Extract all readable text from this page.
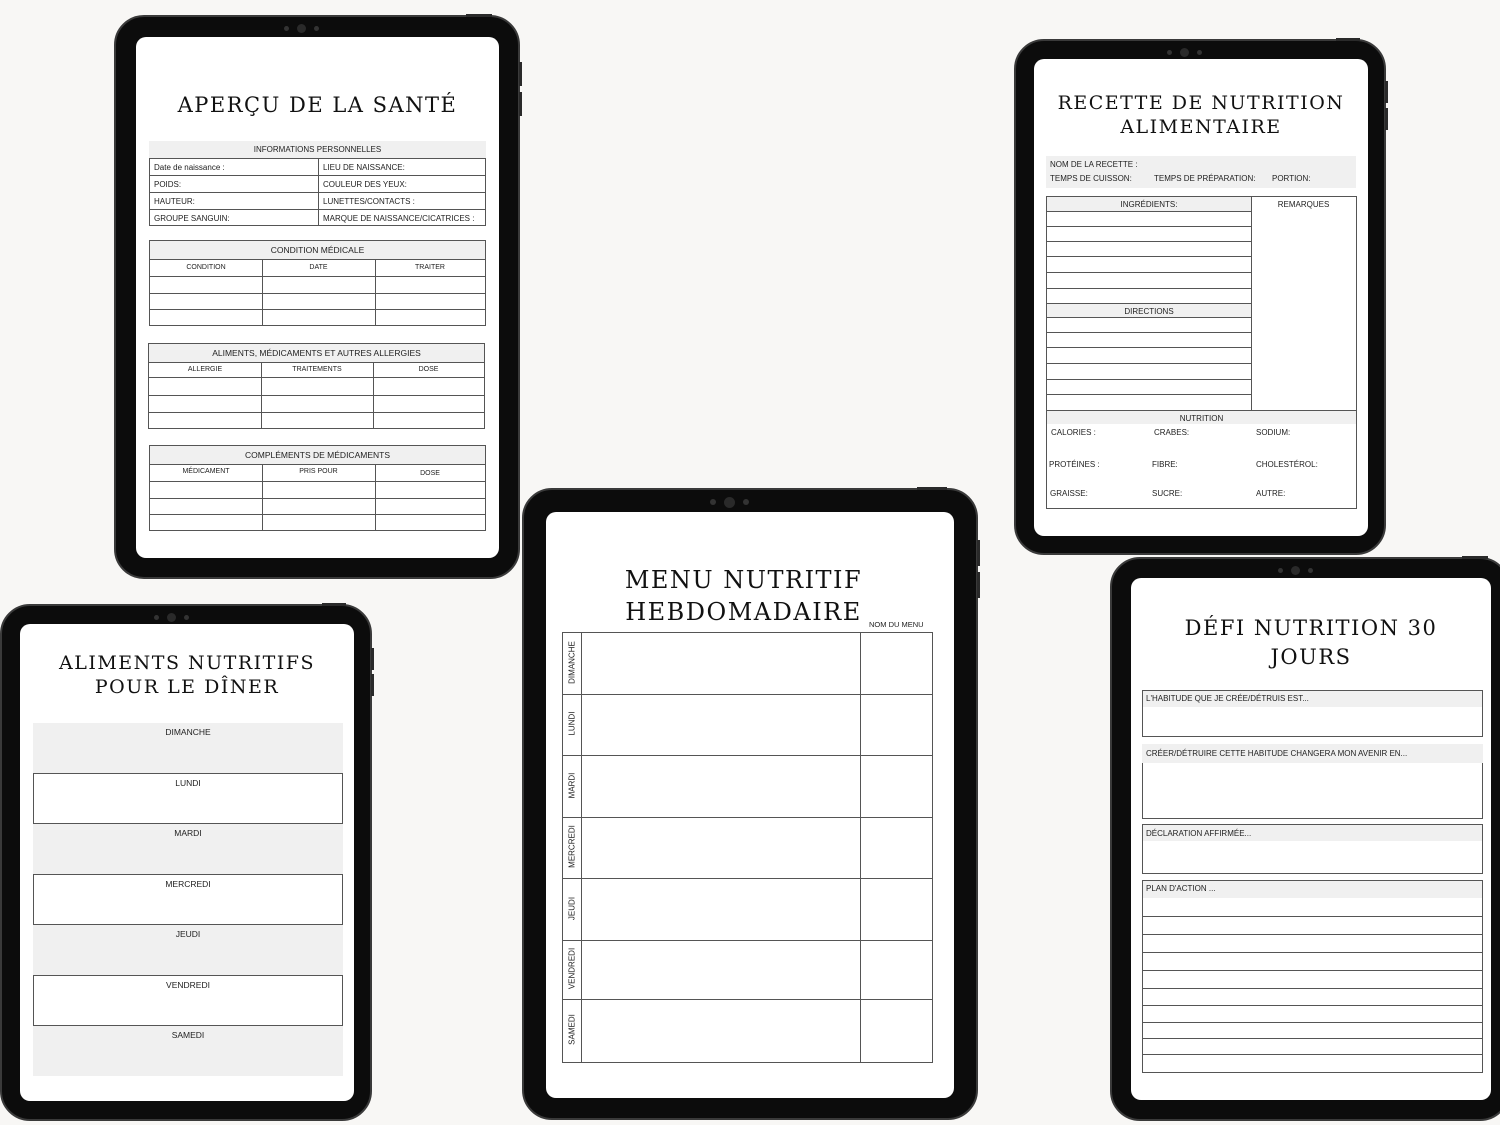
APERÇU DE LA SANTÉ
INFORMATIONS PERSONNELLES
Date de naissance :	LIEU DE NAISSANCE:
POIDS:	COULEUR DES YEUX:
HAUTEUR:	LUNETTES/CONTACTS :
GROUPE SANGUIN:	MARQUE DE NAISSANCE/CICATRICES :
CONDITION MÉDICALE
CONDITION	DATE	TRAITER
ALIMENTS, MÉDICAMENTS ET AUTRES ALLERGIES
ALLERGIE	TRAITEMENTS	DOSE
COMPLÉMENTS DE MÉDICAMENTS
MÉDICAMENT	PRIS POUR	DOSE
RECETTE DE NUTRITION
ALIMENTAIRE
NOM DE LA RECETTE :
TEMPS DE CUISSON:	TEMPS DE PRÉPARATION: PORTION:
INGRÉDIENTS:	REMARQUES
DIRECTIONS
NUTRITION
CALORIES :	CRABES:	SODIUM:
PROTÉINES :	FIBRE:	CHOLESTÉROL:
GRAISSE:	SUCRE:	AUTRE:
MENU NUTRITIF
HEBDOMADAIRE NOM DU MENU
DIMANCHE
LUNDI
MARDI
MERCREDI
JEUDI
VENDREDI
SAMEDI
ALIMENTS NUTRITIFS
POUR LE DÎNER
DIMANCHE
LUNDI
MARDI
MERCREDI
JEUDI
VENDREDI
SAMEDI
DÉFI NUTRITION 30
JOURS
L'HABITUDE QUE JE CRÉE/DÉTRUIS EST...
CRÉER/DÉTRUIRE CETTE HABITUDE CHANGERA MON AVENIR EN...
DÉCLARATION AFFIRMÉE...
PLAN D'ACTION ...
